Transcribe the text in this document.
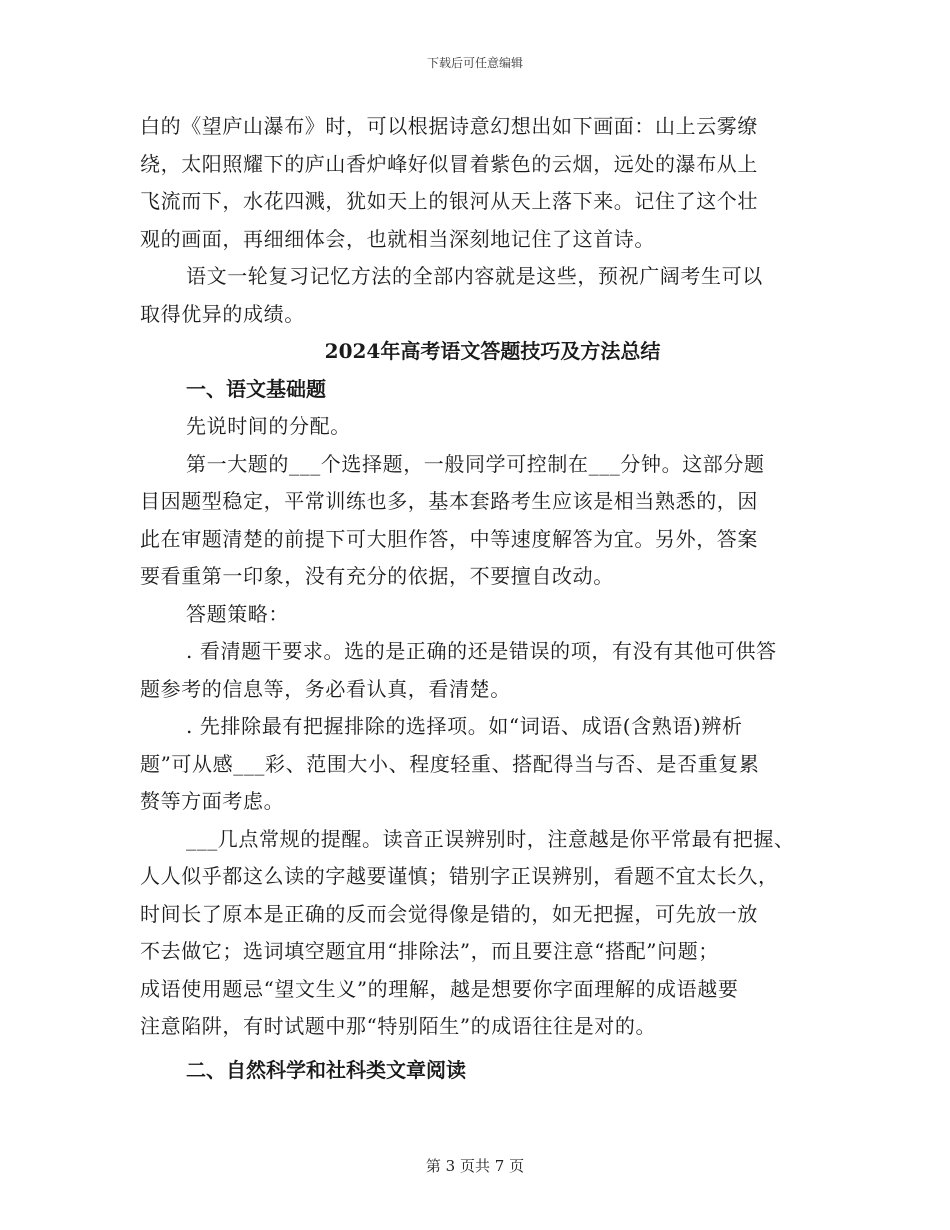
下载后可任意编辑
白的《望庐山瀑布》时，可以根据诗意幻想出如下画面：山上云雾缭
绕，太阳照耀下的庐山香炉峰好似冒着紫色的云烟，远处的瀑布从上
飞流而下，水花四溅，犹如天上的银河从天上落下来。记住了这个壮
观的画面，再细细体会，也就相当深刻地记住了这首诗。
语文一轮复习记忆方法的全部内容就是这些，预祝广阔考生可以
取得优异的成绩。
2024年高考语文答题技巧及方法总结
一、语文基础题
先说时间的分配。
第一大题的___个选择题，一般同学可控制在___分钟。这部分题
目因题型稳定，平常训练也多，基本套路考生应该是相当熟悉的，因
此在审题清楚的前提下可大胆作答，中等速度解答为宜。另外，答案
要看重第一印象，没有充分的依据，不要擅自改动。
答题策略：
. 看清题干要求。选的是正确的还是错误的项，有没有其他可供答
题参考的信息等，务必看认真，看清楚。
. 先排除最有把握排除的选择项。如“词语、成语(含熟语)辨析
题”可从感___彩、范围大小、程度轻重、搭配得当与否、是否重复累
赘等方面考虑。
___几点常规的提醒。读音正误辨别时，注意越是你平常最有把握、
人人似乎都这么读的字越要谨慎；错别字正误辨别，看题不宜太长久，
时间长了原本是正确的反而会觉得像是错的，如无把握，可先放一放
不去做它；选词填空题宜用“排除法”，而且要注意“搭配”问题；
成语使用题忌“望文生义”的理解，越是想要你字面理解的成语越要
注意陷阱，有时试题中那“特别陌生”的成语往往是对的。
二、自然科学和社科类文章阅读
第 3 页共 7 页
